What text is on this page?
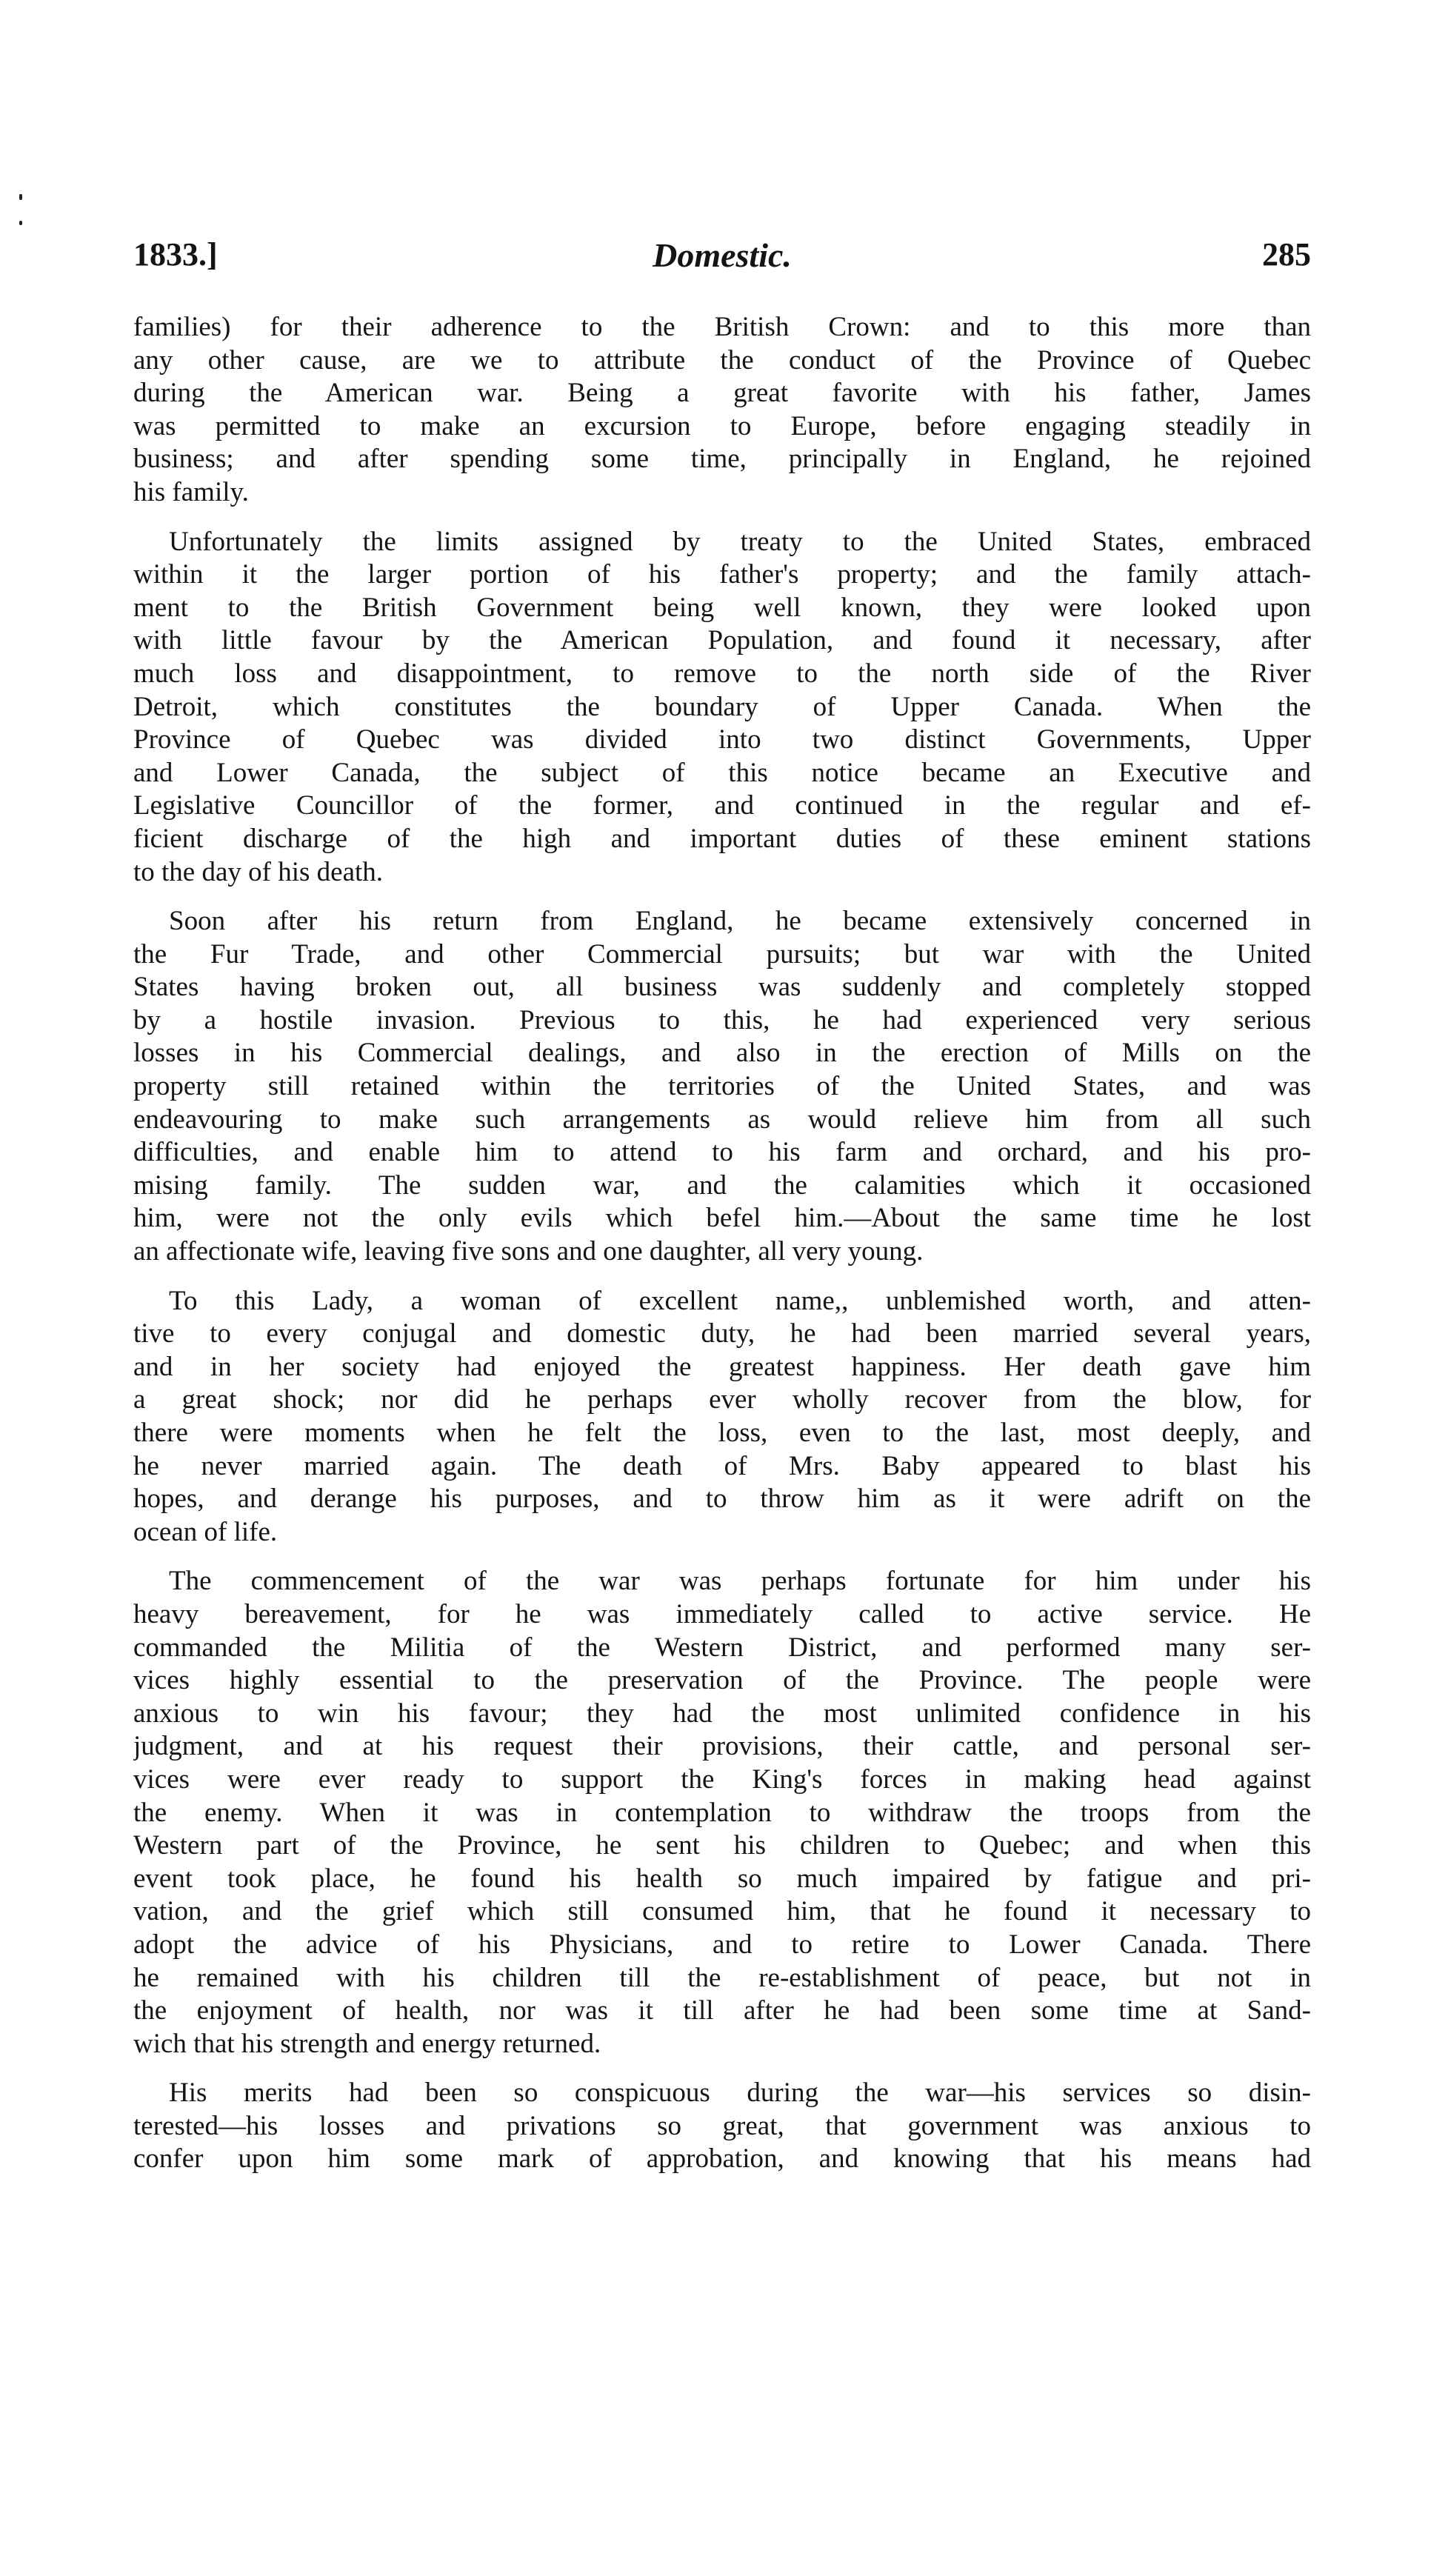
1833.]	Domestic.	285
families) for their adherence to the British Crown: and to this more than
any other cause, are we to attribute the conduct of the Province of Quebec
during the American war. Being a great favorite with his father, James
was permitted to make an excursion to Europe, before engaging steadily in
business; and after spending some time, principally in England, he rejoined
his family.
Unfortunately the limits assigned by treaty to the United States, embraced
within it the larger portion of his father's property; and the family attach-
ment to the British Government being well known, they were looked upon
with little favour by the American Population, and found it necessary, after
much loss and disappointment, to remove to the north side of the River
Detroit, which constitutes the boundary of Upper Canada. When the
Province of Quebec was divided into two distinct Governments, Upper
and Lower Canada, the subject of this notice became an Executive and
Legislative Councillor of the former, and continued in the regular and ef-
ficient discharge of the high and important duties of these eminent stations
to the day of his death.
Soon after his return from England, he became extensively concerned in
the Fur Trade, and other Commercial pursuits; but war with the United
States having broken out, all business was suddenly and completely stopped
by a hostile invasion. Previous to this, he had experienced very serious
losses in his Commercial dealings, and also in the erection of Mills on the
property still retained within the territories of the United States, and was
endeavouring to make such arrangements as would relieve him from all such
difficulties, and enable him to attend to his farm and orchard, and his pro-
mising family. The sudden war, and the calamities which it occasioned
him, were not the only evils which befel him.—About the same time he lost
an affectionate wife, leaving five sons and one daughter, all very young.
To this Lady, a woman of excellent name,, unblemished worth, and atten-
tive to every conjugal and domestic duty, he had been married several years,
and in her society had enjoyed the greatest happiness. Her death gave him
a great shock; nor did he perhaps ever wholly recover from the blow, for
there were moments when he felt the loss, even to the last, most deeply, and
he never married again. The death of Mrs. Baby appeared to blast his
hopes, and derange his purposes, and to throw him as it were adrift on the
ocean of life.
The commencement of the war was perhaps fortunate for him under his
heavy bereavement, for he was immediately called to active service. He
commanded the Militia of the Western District, and performed many ser-
vices highly essential to the preservation of the Province. The people were
anxious to win his favour; they had the most unlimited confidence in his
judgment, and at his request their provisions, their cattle, and personal ser-
vices were ever ready to support the King's forces in making head against
the enemy. When it was in contemplation to withdraw the troops from the
Western part of the Province, he sent his children to Quebec; and when this
event took place, he found his health so much impaired by fatigue and pri-
vation, and the grief which still consumed him, that he found it necessary to
adopt the advice of his Physicians, and to retire to Lower Canada. There
he remained with his children till the re-establishment of peace, but not in
the enjoyment of health, nor was it till after he had been some time at Sand-
wich that his strength and energy returned.
His merits had been so conspicuous during the war—his services so disin-
terested—his losses and privations so great, that government was anxious to
confer upon him some mark of approbation, and knowing that his means had
